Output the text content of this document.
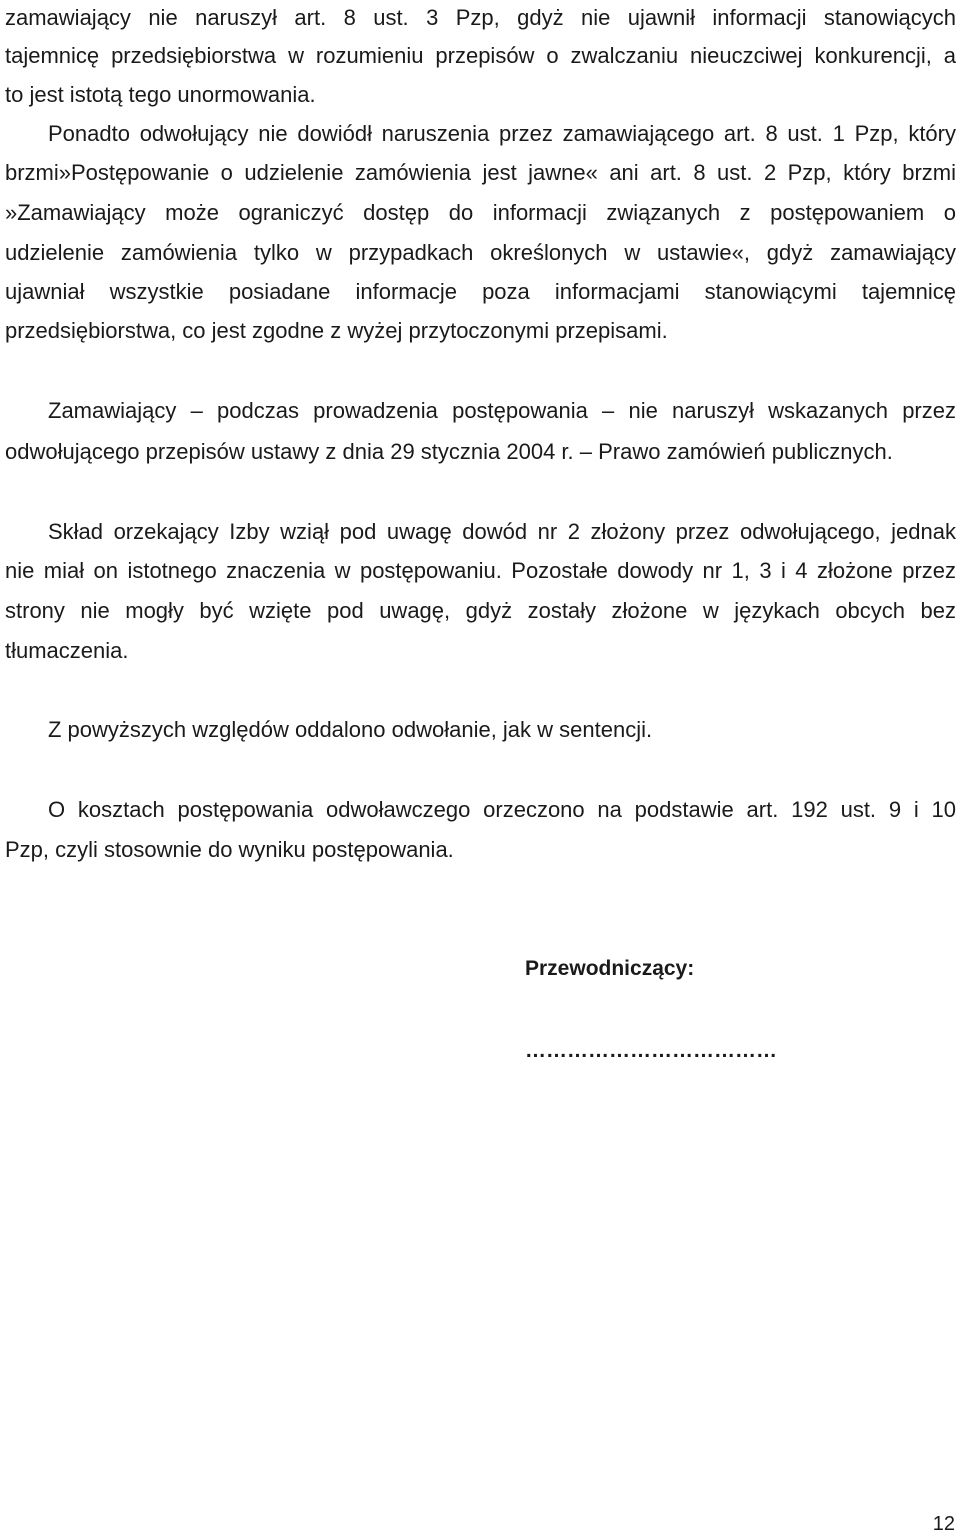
zamawiający nie naruszył art. 8 ust. 3 Pzp, gdyż nie ujawnił informacji stanowiących

tajemnicę przedsiębiorstwa w rozumieniu przepisów o zwalczaniu nieuczciwej konkurencji, a

to jest istotą tego unormowania.

Ponadto odwołujący nie dowiódł naruszenia przez zamawiającego art. 8 ust. 1 Pzp, który

brzmi»Postępowanie o udzielenie zamówienia jest jawne« ani art. 8 ust. 2 Pzp, który brzmi

»Zamawiający może ograniczyć dostęp do informacji związanych z postępowaniem o

udzielenie zamówienia tylko w przypadkach określonych w ustawie«, gdyż zamawiający

ujawniał wszystkie posiadane informacje poza informacjami stanowiącymi tajemnicę

przedsiębiorstwa, co jest zgodne z wyżej przytoczonymi przepisami.

Zamawiający – podczas prowadzenia postępowania – nie naruszył wskazanych przez

odwołującego przepisów ustawy z dnia 29 stycznia 2004 r. – Prawo zamówień publicznych.

Skład orzekający Izby wziął pod uwagę dowód nr 2 złożony przez odwołującego, jednak

nie miał on istotnego znaczenia w postępowaniu. Pozostałe dowody nr 1, 3 i 4 złożone przez

strony nie mogły być wzięte pod uwagę, gdyż zostały złożone w językach obcych bez

tłumaczenia.

Z powyższych względów oddalono odwołanie, jak w sentencji.

O kosztach postępowania odwoławczego orzeczono na podstawie art. 192 ust. 9 i 10

Pzp, czyli stosownie do wyniku postępowania.

Przewodniczący:

………………………………

12
